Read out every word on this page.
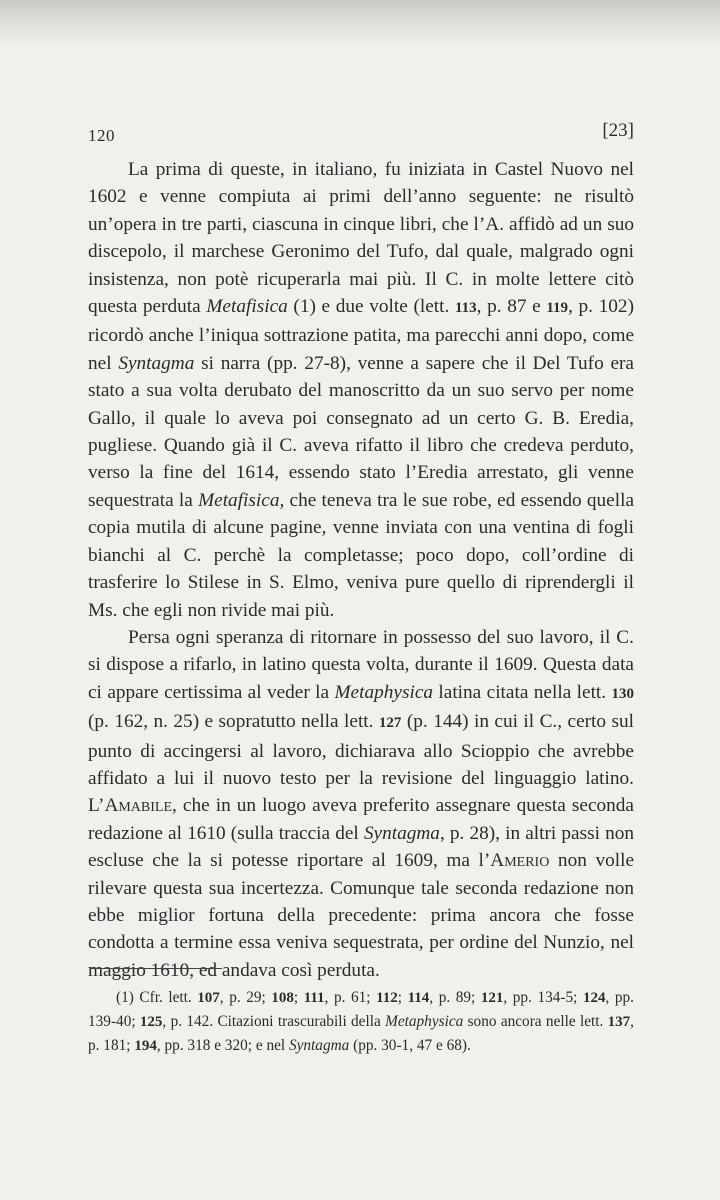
120	[23]

La prima di queste, in italiano, fu iniziata in Castel Nuovo nel 1602 e venne compiuta ai primi dell’anno seguente: ne risultò un’opera in tre parti, ciascuna in cinque libri, che l’A. affidò ad un suo discepolo, il marchese Geronimo del Tufo, dal quale, malgrado ogni insistenza, non potè ricuperarla mai più. Il C. in molte lettere citò questa perduta Metafisica (1) e due volte (lett. 113, p. 87 e 119, p. 102) ricordò anche l’iniqua sottrazione patita, ma parecchi anni dopo, come nel Syntagma si narra (pp. 27-8), venne a sapere che il Del Tufo era stato a sua volta derubato del manoscritto da un suo servo per nome Gallo, il quale lo aveva poi consegnato ad un certo G. B. Eredia, pugliese. Quando già il C. aveva rifatto il libro che credeva perduto, verso la fine del 1614, essendo stato l’Eredia arrestato, gli venne sequestrata la Metafisica, che teneva tra le sue robe, ed essendo quella copia mutila di alcune pagine, venne inviata con una ventina di fogli bianchi al C. perchè la completasse; poco dopo, coll’ordine di trasferire lo Stilese in S. Elmo, veniva pure quello di riprendergli il Ms. che egli non rivide mai più.

Persa ogni speranza di ritornare in possesso del suo lavoro, il C. si dispose a rifarlo, in latino questa volta, durante il 1609. Questa data ci appare certissima al veder la Metaphysica latina citata nella lett. 130 (p. 162, n. 25) e sopratutto nella lett. 127 (p. 144) in cui il C., certo sul punto di accingersi al lavoro, dichiarava allo Scioppio che avrebbe affidato a lui il nuovo testo per la revisione del linguaggio latino. L’Amabile, che in un luogo aveva preferito assegnare questa seconda redazione al 1610 (sulla traccia del Syntagma, p. 28), in altri passi non escluse che la si potesse riportare al 1609, ma l’Amerio non volle rilevare questa sua incertezza. Comunque tale seconda redazione non ebbe miglior fortuna della precedente: prima ancora che fosse condotta a termine essa veniva sequestrata, per ordine del Nunzio, nel maggio 1610, ed andava così perduta.

(1) Cfr. lett. 107, p. 29; 108; 111, p. 61; 112; 114, p. 89; 121, pp. 134-5; 124, pp. 139-40; 125, p. 142. Citazioni trascurabili della Metaphysica sono ancora nelle lett. 137, p. 181; 194, pp. 318 e 320; e nel Syntagma (pp. 30-1, 47 e 68).
